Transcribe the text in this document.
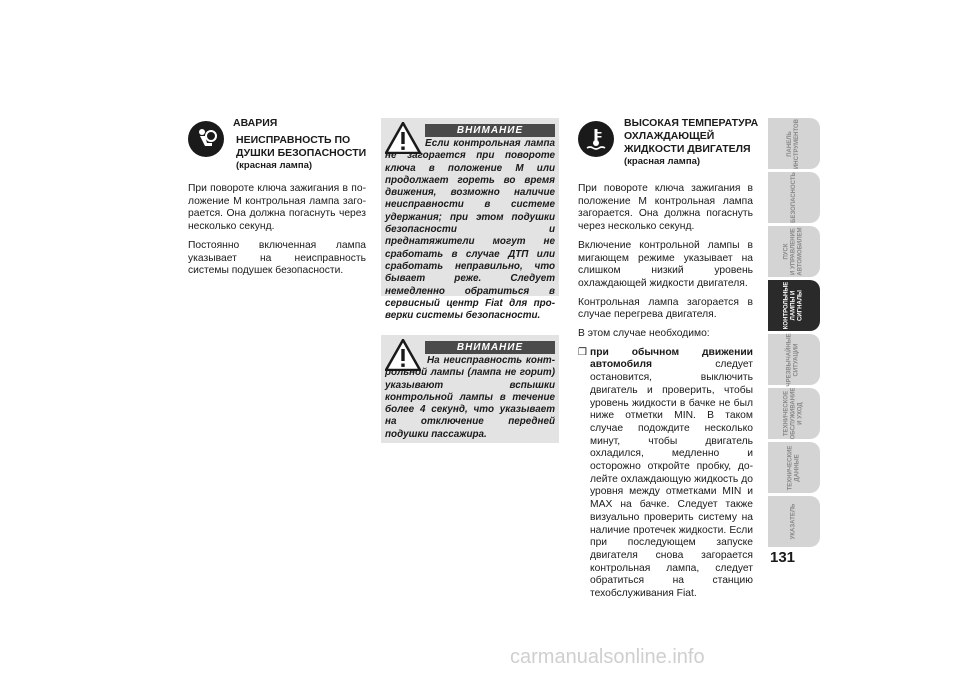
АВАРИЯ
НЕИСПРАВНОСТЬ ПО
ДУШКИ БЕЗОПАСНОСТИ
(красная лампа)

При повороте ключа зажигания в положение M контрольная лампа загорается. Она должна погаснуть через несколько секунд.

Постоянно включенная лампа указывает на неисправность системы подушек безопасности.

ВНИМАНИЕ
Если контрольная лампа не загорается при повороте ключа в положение M или продолжает гореть во время движения, возможно наличие неисправности в системе удержания; при этом подушки безопасности и преднатяжители могут не сработать в случае ДТП или сработать неправильно, что бывает реже. Следует немедленно обратиться в сервисный центр Fiat для проверки системы безопасности.
ВНИМАНИЕ
На неисправность контрольной лампы (лампа не горит) указывают вспышки контрольной лампы в течение более 4 секунд, что указывает на отключение передней подушки пассажира.
ВЫСОКАЯ ТЕМПЕРАТУРА
ОХЛАЖДАЮЩЕЙ
ЖИДКОСТИ ДВИГАТЕЛЯ
(красная лампа)

При повороте ключа зажигания в положение M контрольная лампа загорается. Она должна погаснуть через несколько секунд.

Включение контрольной лампы в мигающем режиме указывает на слишком низкий уровень охлаждающей жидкости двигателя.

Контрольная лампа загорается в случае перегрева двигателя.

В этом случае необходимо:

❒ при обычном движении автомобиля следует остановится, выключить двигатель и проверить, чтобы уровень жидкости в бачке не был ниже отметки MIN. В таком случае подождите несколько минут, чтобы двигатель охладился, медленно и осторожно откройте пробку, долейте охлаждающую жидкость до уровня между отметками MIN и MAX на бачке. Следует также визуально проверить систему на наличие протечек жидкости. Если при последующем запуске двигателя снова загорается контрольная лампа, следует обратиться на станцию техобслуживания Fiat.
ПАНЕЛЬ
ИНСТРУМЕНТОВ
БЕЗОПАСНОСТЬ
ПУСК
И УПРАВЛЕНИЕ
АВТОМОБИЛЕМ
КОНТРОЛЬНЫЕ
ЛАМПЫ И
СИГНАЛЫ
ЧРЕЗВЫЧАЙНЫЕ
СИТУАЦИИ
ТЕХНИЧЕСКОЕ
ОБСЛУЖИВАНИЕ
И УХОД
ТЕХНИЧЕСКИЕ
ДАННЫЕ
УКАЗАТЕЛЬ
131
carmanualsonline.info
